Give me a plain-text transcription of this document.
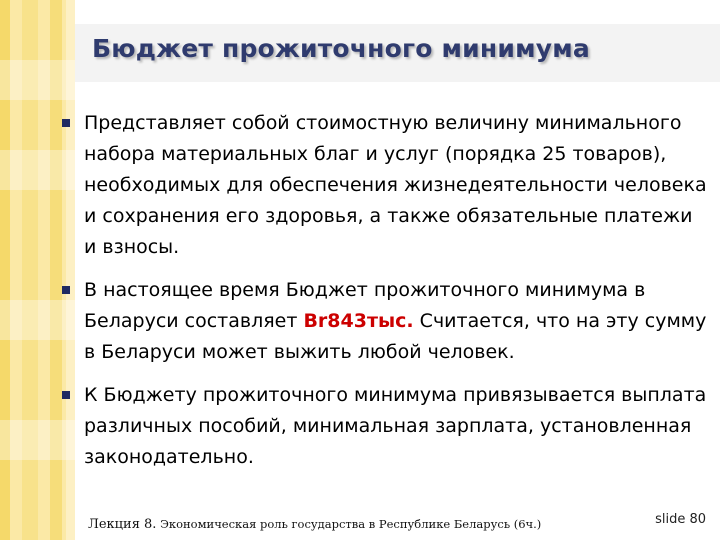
Бюджет прожиточного минимума
Представляет собой стоимостную величину минимального набора материальных благ и услуг (порядка 25 товаров), необходимых для обеспечения жизнедеятельности человека и сохранения его здоровья, а также обязательные платежи и взносы.
В настоящее время Бюджет прожиточного минимума в Беларуси составляет Br843тыс. Считается, что на эту сумму в Беларуси может выжить любой человек.
К Бюджету прожиточного минимума привязывается выплата различных пособий, минимальная зарплата, установленная законодательно.
Лекция 8. Экономическая роль государства в Республике Беларусь (6ч.)	slide 80
